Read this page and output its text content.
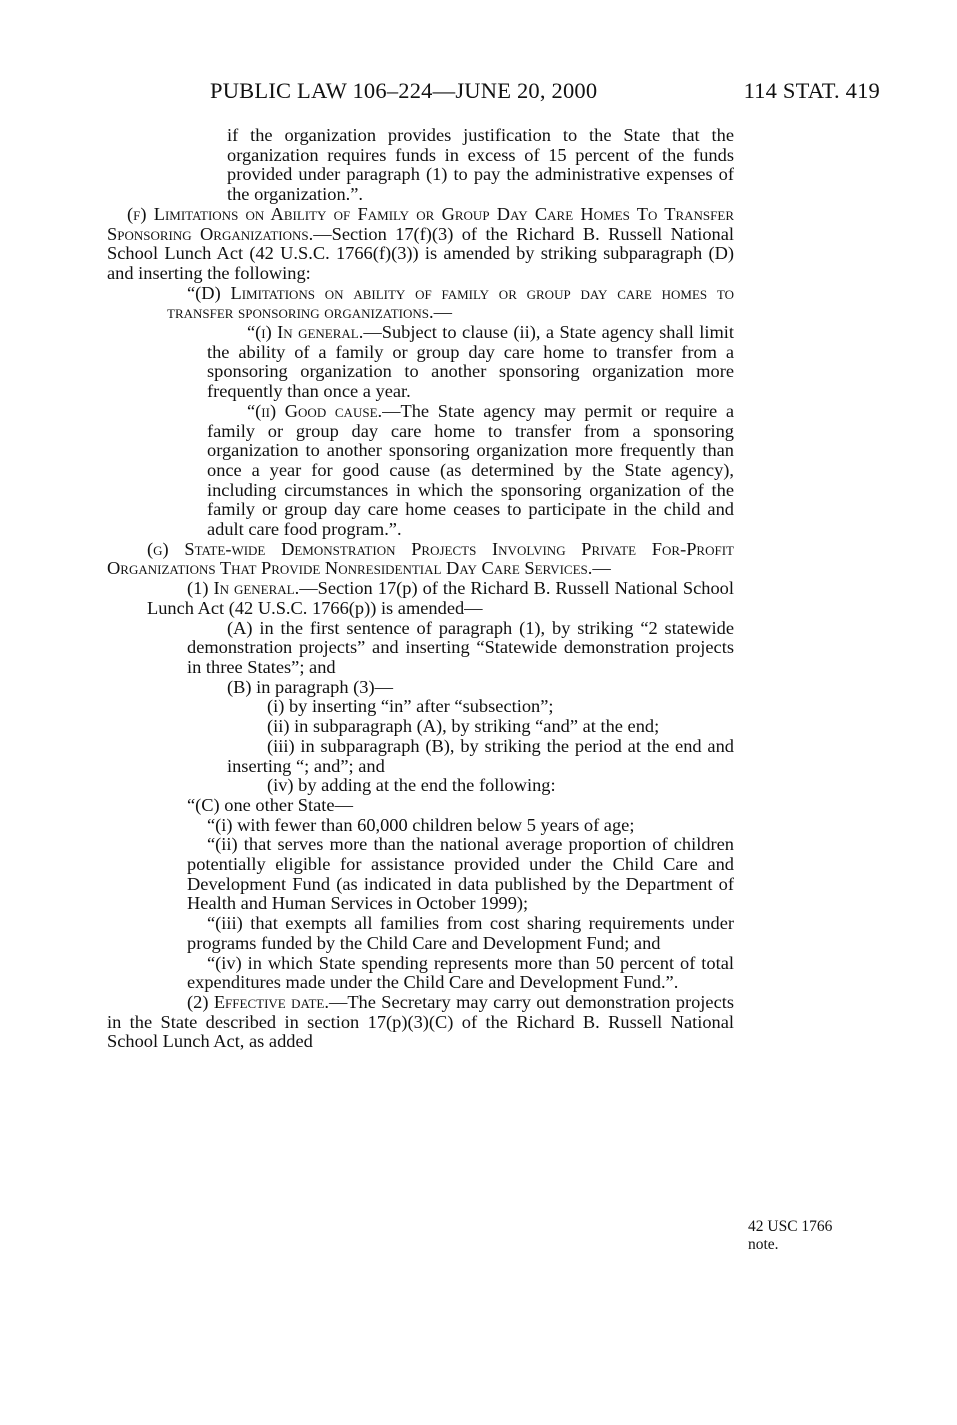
PUBLIC LAW 106–224—JUNE 20, 2000	114 STAT. 419

if the organization provides justification to the State that the organization requires funds in excess of 15 percent of the funds provided under paragraph (1) to pay the administrative expenses of the organization.”.

(f) Limitations on Ability of Family or Group Day Care Homes To Transfer Sponsoring Organizations.—Section 17(f)(3) of the Richard B. Russell National School Lunch Act (42 U.S.C. 1766(f)(3)) is amended by striking subparagraph (D) and inserting the following:

“(D) Limitations on ability of family or group day care homes to transfer sponsoring organizations.—

“(i) In general.—Subject to clause (ii), a State agency shall limit the ability of a family or group day care home to transfer from a sponsoring organization to another sponsoring organization more frequently than once a year.

“(ii) Good cause.—The State agency may permit or require a family or group day care home to transfer from a sponsoring organization to another sponsoring organization more frequently than once a year for good cause (as determined by the State agency), including circumstances in which the sponsoring organization of the family or group day care home ceases to participate in the child and adult care food program.”.

(g) State-wide Demonstration Projects Involving Private For-Profit Organizations That Provide Nonresidential Day Care Services.—

(1) In general.—Section 17(p) of the Richard B. Russell National School Lunch Act (42 U.S.C. 1766(p)) is amended—

(A) in the first sentence of paragraph (1), by striking “2 statewide demonstration projects” and inserting “Statewide demonstration projects in three States”; and

(B) in paragraph (3)—

(i) by inserting “in” after “subsection”;

(ii) in subparagraph (A), by striking “and” at the end;

(iii) in subparagraph (B), by striking the period at the end and inserting “; and”; and

(iv) by adding at the end the following:

“(C) one other State—

“(i) with fewer than 60,000 children below 5 years of age;

“(ii) that serves more than the national average proportion of children potentially eligible for assistance provided under the Child Care and Development Fund (as indicated in data published by the Department of Health and Human Services in October 1999);

“(iii) that exempts all families from cost sharing requirements under programs funded by the Child Care and Development Fund; and

“(iv) in which State spending represents more than 50 percent of total expenditures made under the Child Care and Development Fund.”.

(2) Effective date.—The Secretary may carry out demonstration projects in the State described in section 17(p)(3)(C) of the Richard B. Russell National School Lunch Act, as added

42 USC 1766
note.
